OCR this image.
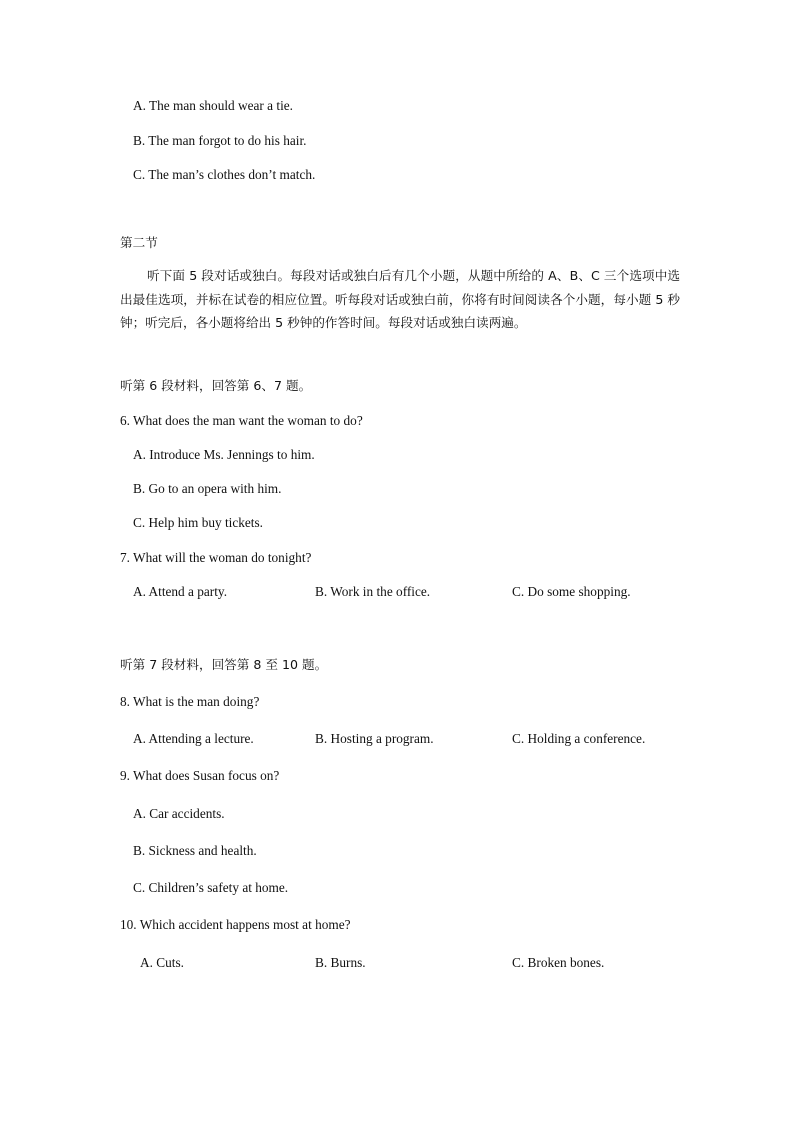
A. The man should wear a tie.
B. The man forgot to do his hair.
C. The man’s clothes don’t match.
第二节
听下面 5 段对话或独白。每段对话或独白后有几个小题，从题中所给的 A、B、C 三个选项中选出最佳选项，并标在试卷的相应位置。听每段对话或独白前，你将有时间阅读各个小题，每小题 5 秒钟；听完后，各小题将给出 5 秒钟的作答时间。每段对话或独白读两遍。
听第 6 段材料，回答第 6、7 题。
6. What does the man want the woman to do?
A. Introduce Ms. Jennings to him.
B. Go to an opera with him.
C. Help him buy tickets.
7. What will the woman do tonight?
A. Attend a party.	B. Work in the office.	C. Do some shopping.
听第 7 段材料，回答第 8 至 10 题。
8. What is the man doing?
A. Attending a lecture.	B. Hosting a program.	C. Holding a conference.
9. What does Susan focus on?
A. Car accidents.
B. Sickness and health.
C. Children’s safety at home.
10. Which accident happens most at home?
A. Cuts.	B. Burns.	C. Broken bones.
